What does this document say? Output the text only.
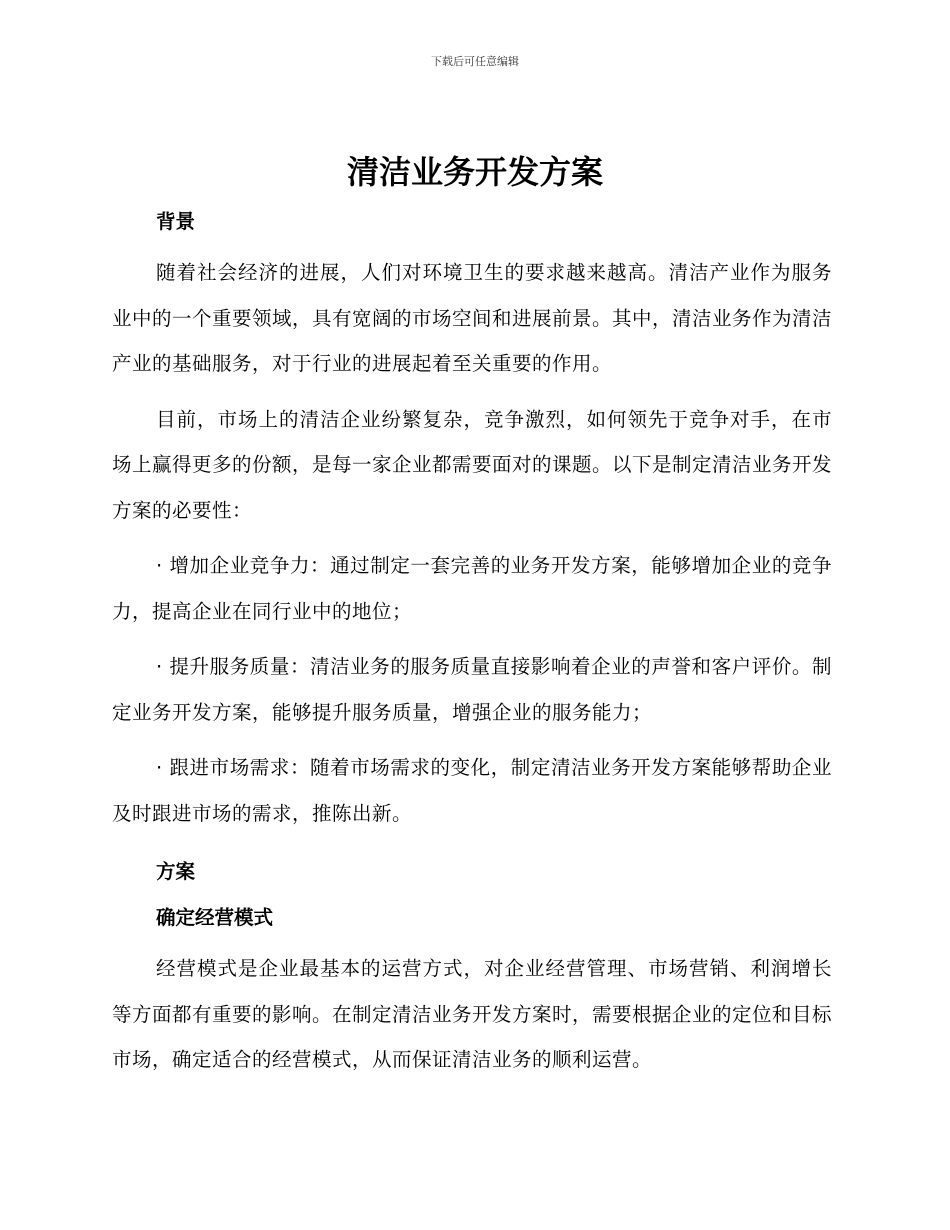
下载后可任意编辑
清洁业务开发方案

背景

随着社会经济的进展，人们对环境卫生的要求越来越高。清洁产业作为服务业中的一个重要领域，具有宽阔的市场空间和进展前景。其中，清洁业务作为清洁产业的基础服务，对于行业的进展起着至关重要的作用。

目前，市场上的清洁企业纷繁复杂，竞争激烈，如何领先于竞争对手，在市场上赢得更多的份额，是每一家企业都需要面对的课题。以下是制定清洁业务开发方案的必要性：

· 增加企业竞争力：通过制定一套完善的业务开发方案，能够增加企业的竞争力，提高企业在同行业中的地位；

· 提升服务质量：清洁业务的服务质量直接影响着企业的声誉和客户评价。制定业务开发方案，能够提升服务质量，增强企业的服务能力；

· 跟进市场需求：随着市场需求的变化，制定清洁业务开发方案能够帮助企业及时跟进市场的需求，推陈出新。

方案

确定经营模式

经营模式是企业最基本的运营方式，对企业经营管理、市场营销、利润增长等方面都有重要的影响。在制定清洁业务开发方案时，需要根据企业的定位和目标市场，确定适合的经营模式，从而保证清洁业务的顺利运营。
